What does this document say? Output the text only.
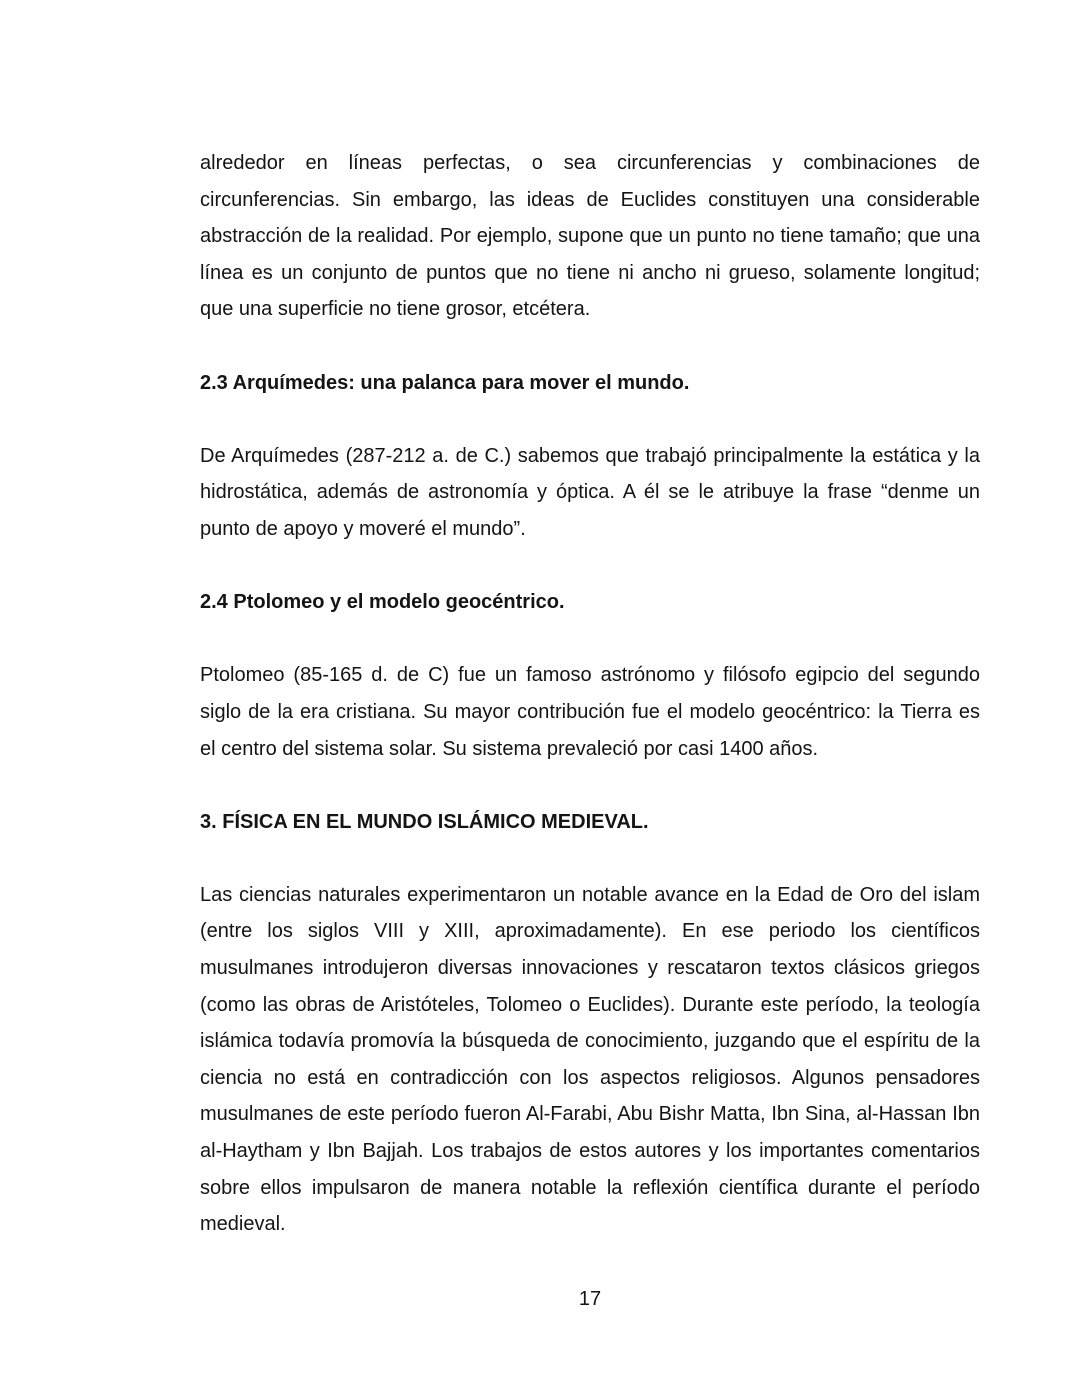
alrededor en líneas perfectas, o sea circunferencias y combinaciones de circunferencias. Sin embargo, las ideas de Euclides constituyen una considerable abstracción de la realidad. Por ejemplo, supone que un punto no tiene tamaño; que una línea es un conjunto de puntos que no tiene ni ancho ni grueso, solamente longitud; que una superficie no tiene grosor, etcétera.

2.3 Arquímedes: una palanca para mover el mundo.

De Arquímedes (287-212 a. de C.) sabemos que trabajó principalmente la estática y la hidrostática, además de astronomía y óptica. A él se le atribuye la frase “denme un punto de apoyo y moveré el mundo”.

2.4 Ptolomeo y el modelo geocéntrico.

Ptolomeo (85-165 d. de C) fue un famoso astrónomo y filósofo egipcio del segundo siglo de la era cristiana. Su mayor contribución fue el modelo geocéntrico: la Tierra es el centro del sistema solar. Su sistema prevaleció por casi 1400 años.

3. FÍSICA EN EL MUNDO ISLÁMICO MEDIEVAL.

Las ciencias naturales experimentaron un notable avance en la Edad de Oro del islam (entre los siglos VIII y XIII, aproximadamente). En ese periodo los científicos musulmanes introdujeron diversas innovaciones y rescataron textos clásicos griegos (como las obras de Aristóteles, Tolomeo o Euclides). Durante este período, la teología islámica todavía promovía la búsqueda de conocimiento, juzgando que el espíritu de la ciencia no está en contradicción con los aspectos religiosos. Algunos pensadores musulmanes de este período fueron Al-Farabi, Abu Bishr Matta, Ibn Sina, al-Hassan Ibn al-Haytham y Ibn Bajjah. Los trabajos de estos autores y los importantes comentarios sobre ellos impulsaron de manera notable la reflexión científica durante el período medieval.

17
